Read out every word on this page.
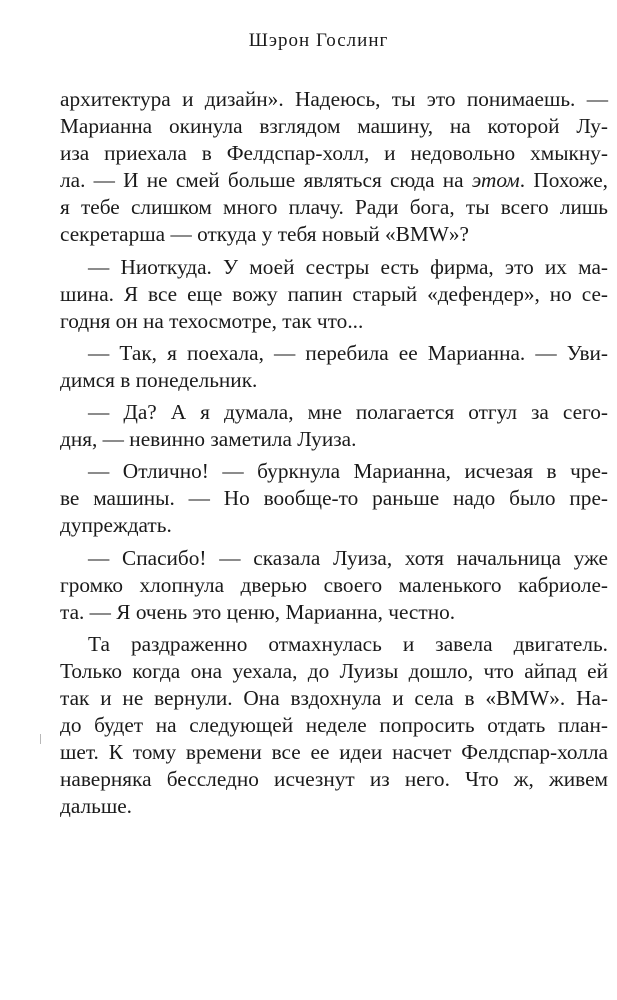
Шэрон Гослинг
архитектура и дизайн». Надеюсь, ты это понимаешь. —
Марианна окинула взглядом машину, на которой Лу-
иза приехала в Фелдспар-холл, и недовольно хмыкну-
ла. — И не смей больше являться сюда на этом. Похоже,
я тебе слишком много плачу. Ради бога, ты всего лишь
секретарша — откуда у тебя новый «BMW»?
— Ниоткуда. У моей сестры есть фирма, это их ма-
шина. Я все еще вожу папин старый «дефендер», но се-
годня он на техосмотре, так что...
— Так, я поехала, — перебила ее Марианна. — Уви-
димся в понедельник.
— Да? А я думала, мне полагается отгул за сего-
дня, — невинно заметила Луиза.
— Отлично! — буркнула Марианна, исчезая в чре-
ве машины. — Но вообще-то раньше надо было пре-
дупреждать.
— Спасибо! — сказала Луиза, хотя начальница уже
громко хлопнула дверью своего маленького кабриоле-
та. — Я очень это ценю, Марианна, честно.
Та раздраженно отмахнулась и завела двигатель.
Только когда она уехала, до Луизы дошло, что айпад ей
так и не вернули. Она вздохнула и села в «BMW». На-
до будет на следующей неделе попросить отдать план-
шет. К тому времени все ее идеи насчет Фелдспар-холла
наверняка бесследно исчезнут из него. Что ж, живем
дальше.
